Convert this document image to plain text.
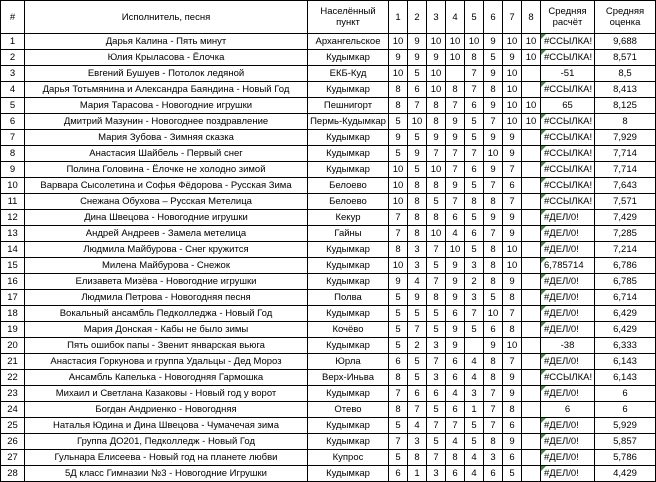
#	Исполнитель, песня	Населённый пункт	1	2	3	4	5	6	7	8	Средняя расчёт	Средняя оценка
1	Дарья Калина - Пять минут	Архангельское	10	9	10	10	10	9	10	10	#ССЫЛКА!	9,688
2	Юлия Крыласова - Ёлочка	Кудымкар	9	9	9	10	8	5	9	10	#ССЫЛКА!	8,571
3	Евгений Бушуев - Потолок ледяной	ЕКБ-Куд	10	5	10		7	9	10		-51	8,5
4	Дарья Тотьмянина и Александра Баяндина - Новый Год	Кудымкар	8	6	10	8	7	8	10		#ССЫЛКА!	8,413
5	Мария Тарасова - Новогодние игрушки	Пешнигорт	8	7	8	7	6	9	10	10	65	8,125
6	Дмитрий Мазунин - Новогоднее поздравление	Пермь-Кудымкар	5	10	8	9	5	7	10	10	#ССЫЛКА!	8
7	Мария Зубова - Зимняя сказка	Кудымкар	9	5	9	9	5	9	9		#ССЫЛКА!	7,929
8	Анастасия Шайбель - Первый снег	Кудымкар	5	9	7	7	7	10	9		#ССЫЛКА!	7,714
9	Полина Головина - Ёлочке не холодно зимой	Кудымкар	10	5	10	7	6	9	7		#ССЫЛКА!	7,714
10	Варвара Сысолетина и Софья Фёдорова - Русская Зима	Белоево	10	8	8	9	5	7	6		#ССЫЛКА!	7,643
11	Снежана Обухова – Русская Метелица	Белоево	10	8	5	7	8	8	7		#ССЫЛКА!	7,571
12	Дина Швецова - Новогодние игрушки	Кекур	7	8	8	6	5	9	9		#ДЕЛ/0!	7,429
13	Андрей Андреев - Замела метелица	Гайны	7	8	10	4	6	7	9		#ДЕЛ/0!	7,285
14	Людмила Майбурова - Снег кружится	Кудымкар	8	3	7	10	5	8	10		#ДЕЛ/0!	7,214
15	Милена Майбурова - Снежок	Кудымкар	10	3	5	9	3	8	10		6,785714	6,786
16	Елизавета Мизёва - Новогодние игрушки	Кудымкар	9	4	7	9	2	8	9		#ДЕЛ/0!	6,785
17	Людмила Петрова - Новогодняя песня	Полва	5	9	8	9	3	5	8		#ДЕЛ/0!	6,714
18	Вокальный ансамбль Педколледжа - Новый Год	Кудымкар	5	5	5	6	7	10	7		#ДЕЛ/0!	6,429
19	Мария Донская - Кабы не было зимы	Кочёво	5	7	5	9	5	6	8		#ДЕЛ/0!	6,429
20	Пять ошибок папы - Звенит январская вьюга	Кудымкар	5	2	3	9		9	10		-38	6,333
21	Анастасия Горкунова и группа Удальцы - Дед Мороз	Юрла	6	5	7	6	4	8	7		#ДЕЛ/0!	6,143
22	Ансамбль Капелька - Новогодняя Гармошка	Верх-Иньва	8	5	3	6	4	8	9		#ССЫЛКА!	6,143
23	Михаил и Светлана Казаковы - Новый год у ворот	Кудымкар	7	6	6	4	3	7	9		#ДЕЛ/0!	6
24	Богдан Андриенко - Новогодняя	Отево	8	7	5	6	1	7	8		6	6
25	Наталья Юдина и Дина Швецова - Чумачечая зима	Кудымкар	5	4	7	7	5	7	6		#ДЕЛ/0!	5,929
26	Группа ДО201, Педколледж - Новый Год	Кудымкар	7	3	5	4	5	8	9		#ДЕЛ/0!	5,857
27	Гульнара Елисеева - Новый год на планете любви	Купрос	5	8	7	8	4	3	6		#ДЕЛ/0!	5,786
28	5Д класс Гимназии №3 - Новогодние Игрушки	Кудымкар	6	1	3	6	4	6	5		#ДЕЛ/0!	4,429
